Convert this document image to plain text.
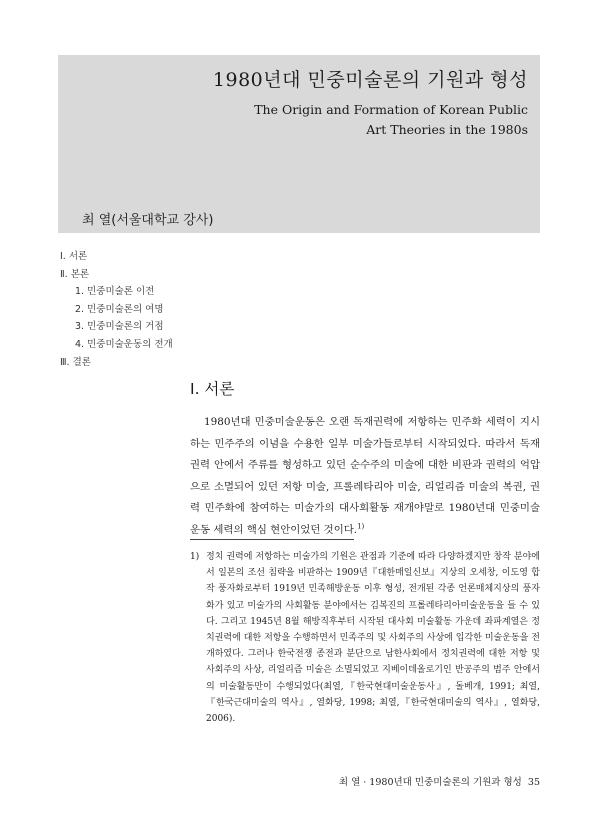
1980년대 민중미술론의 기원과 형성
The Origin and Formation of Korean Public
Art Theories in the 1980s
최 열(서울대학교 강사)
Ⅰ. 서론
Ⅱ. 본론
1. 민중미술론 이전
2. 민중미술론의 여명
3. 민중미술론의 거점
4. 민중미술운동의 전개
Ⅲ. 결론
Ⅰ. 서론
1980년대 민중미술운동은 오랜 독재권력에 저항하는 민주화 세력이 지시하는 민주주의 이념을 수용한 일부 미술가들로부터 시작되었다. 따라서 독재권력 안에서 주류를 형성하고 있던 순수주의 미술에 대한 비판과 권력의 억압으로 소멸되어 있던 저항 미술, 프롤레타리아 미술, 리얼리즘 미술의 복권, 권력 민주화에 참여하는 미술가의 대사회활동 재개야말로 1980년대 민중미술운동 세력의 핵심 현안이었던 것이다.$^{1)}$
1) 정치 권력에 저항하는 미술가의 기원은 관점과 기준에 따라 다양하겠지만 창작 분야에서 일본의 조선 침략을 비판하는 1909년『대한매일신보』지상의 오세창, 이도영 합작 풍자화로부터 1919년 민족해방운동 이후 형성, 전개된 각종 언론매체지상의 풍자화가 있고 미술가의 사회활동 분야에서는 김복진의 프롤레타리아미술운동을 들 수 있다. 그리고 1945년 8월 해방직후부터 시작된 대사회 미술활동 가운데 좌파계열은 정치권력에 대한 저항을 수행하면서 민족주의 및 사회주의 사상에 입각한 미술운동을 전개하였다. 그러나 한국전쟁 종전과 분단으로 남한사회에서 정치권력에 대한 저항 및 사회주의 사상, 리얼리즘 미술은 소멸되었고 지베이데올로기인 반공주의 범주 안에서의 미술활동만이 수행되었다(최열,『한국현대미술운동사』, 돌베개, 1991; 최열,『한국근대미술의 역사』, 열화당, 1998; 최열,『한국현대미술의 역사』, 열화당, 2006).
최 열 · 1980년대 민중미술론의 기원과 형성 35
